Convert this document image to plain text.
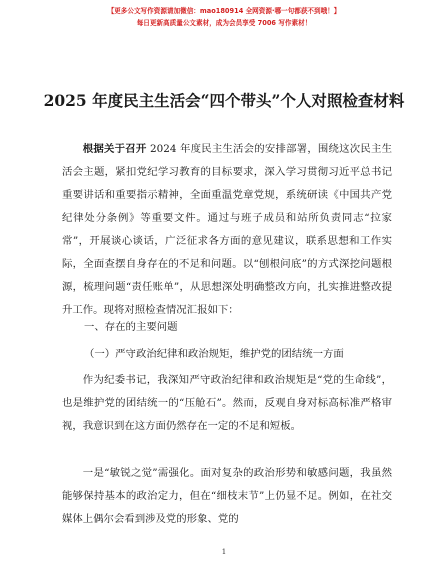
【更多公文写作资源请加微信：mao180914 全网资源·哪一句都获不到哦！】
每日更新高质量公文素材，成为会员享受 7006 写作素材！
2025 年度民主生活会“四个带头”个人对照检查材料

根据关于召开 2024 年度民主生活会的安排部署，围绕这次民主生活会主题，紧扣党纪学习教育的目标要求，深入学习贯彻习近平总书记重要讲话和重要指示精神，全面重温党章党规，系统研读《中国共产党纪律处分条例》等重要文件。通过与班子成员和站所负责同志“拉家常”，开展谈心谈话，广泛征求各方面的意见建议，联系思想和工作实际，全面查摆自身存在的不足和问题。以“刨根问底”的方式深挖问题根源，梳理问题“责任账单”，从思想深处明确整改方向，扎实推进整改提升工作。现将对照检查情况汇报如下：

一、存在的主要问题
（一）严守政治纪律和政治规矩，维护党的团结统一方面

作为纪委书记，我深知严守政治纪律和政治规矩是“党的生命线”，也是维护党的团结统一的“压舱石”。然而，反观自身对标高标准严格审视，我意识到在这方面仍然存在一定的不足和短板。

一是“敏锐之觉”需强化。面对复杂的政治形势和敏感问题，我虽然能够保持基本的政治定力，但在“细枝末节”上仍显不足。例如，在社交媒体上偶尔会看到涉及党的形象、党的

1
